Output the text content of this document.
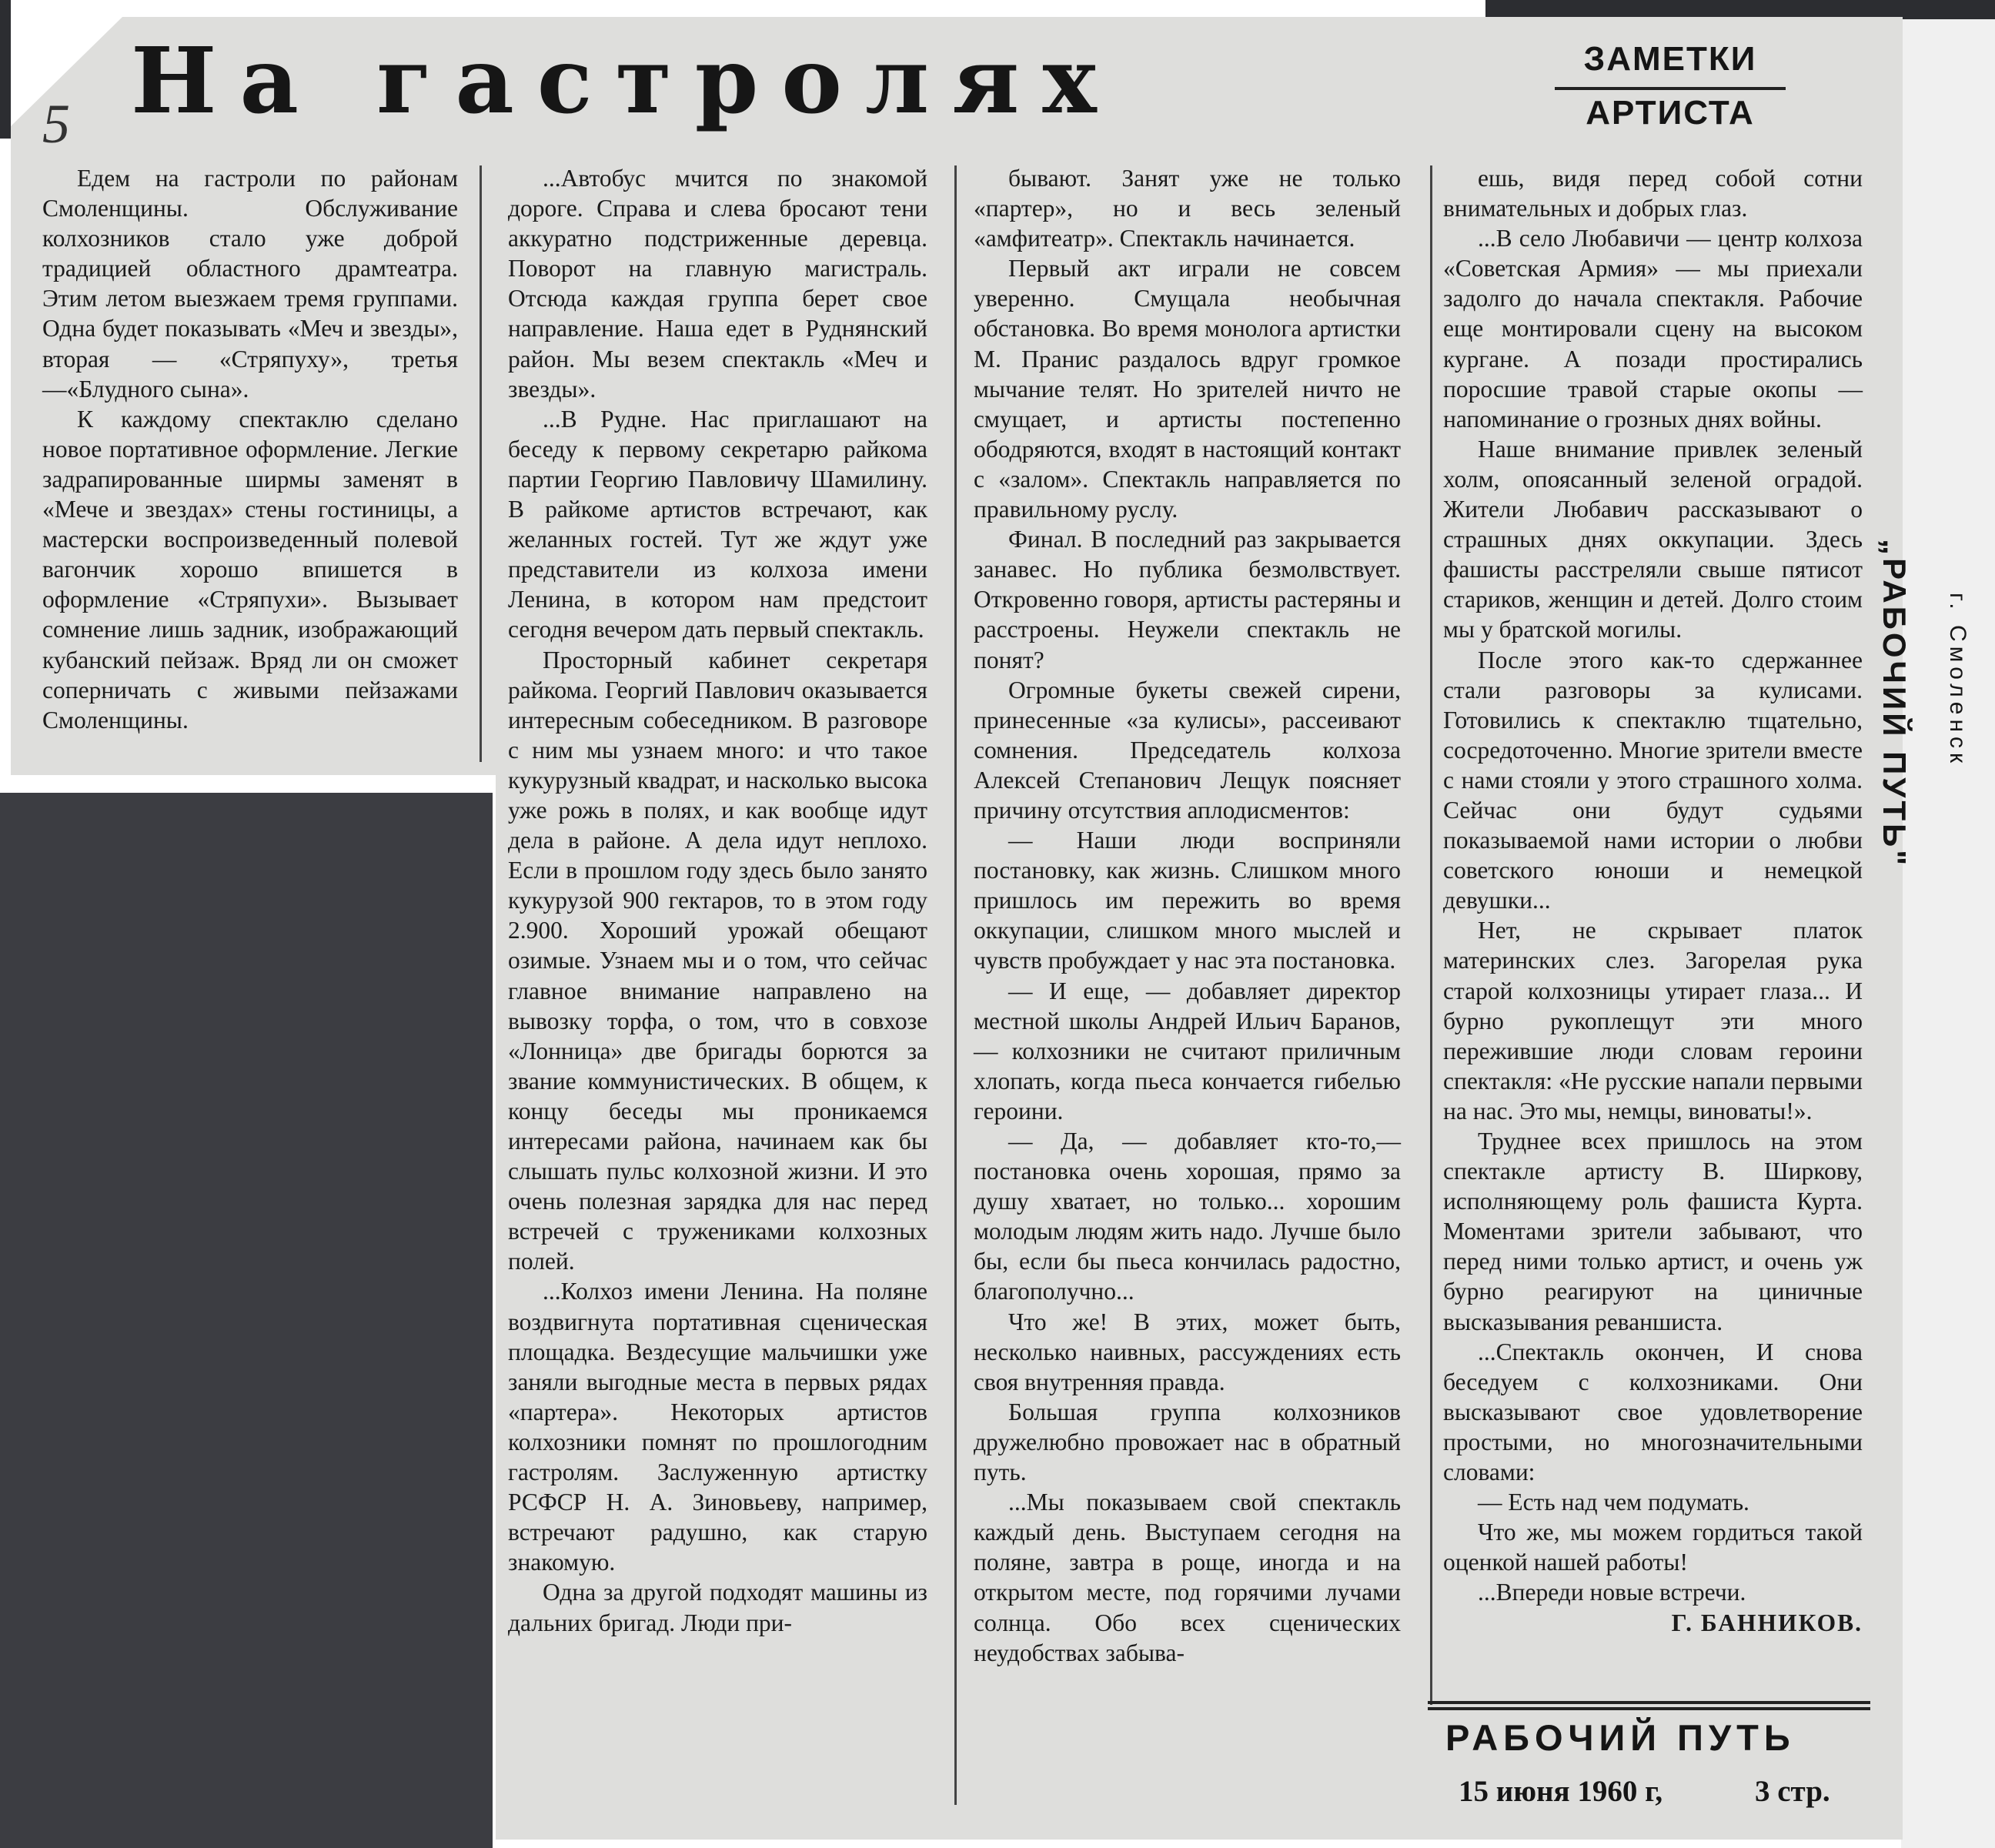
На гастролях	ЗАМЕТКИ
АРТИСТА
5

Едем на гастроли по районам Смоленщины. Обслуживание колхозников стало уже доброй традицией областного драмтеатра. Этим летом выезжаем тремя группами. Одна будет показывать «Меч и звезды», вторая — «Стряпуху», третья—«Блудного сына».

К каждому спектаклю сделано новое портативное оформление. Легкие задрапированные ширмы заменят в «Мече и звездах» стены гостиницы, а мастерски воспроизведенный полевой вагончик хорошо впишется в оформление «Стряпухи». Вызывает сомнение лишь задник, изображающий кубанский пейзаж. Вряд ли он сможет соперничать с живыми пейзажами Смоленщины.

...Автобус мчится по знакомой дороге. Справа и слева бросают тени аккуратно подстриженные деревца. Поворот на главную магистраль. Отсюда каждая группа берет свое направление. Наша едет в Руднянский район. Мы везем спектакль «Меч и звезды».

...В Рудне. Нас приглашают на беседу к первому секретарю райкома партии Георгию Павловичу Шамилину. В райкоме артистов встречают, как желанных гостей. Тут же ждут уже представители из колхоза имени Ленина, в котором нам предстоит сегодня вечером дать первый спектакль.

Просторный кабинет секретаря райкома. Георгий Павлович оказывается интересным собеседником. В разговоре с ним мы узнаем много: и что такое кукурузный квадрат, и насколько высока уже рожь в полях, и как вообще идут дела в районе. А дела идут неплохо. Если в прошлом году здесь было занято кукурузой 900 гектаров, то в этом году 2.900. Хороший урожай обещают озимые. Узнаем мы и о том, что сейчас главное внимание направлено на вывозку торфа, о том, что в совхозе «Лонница» две бригады борются за звание коммунистических. В общем, к концу беседы мы проникаемся интересами района, начинаем как бы слышать пульс колхозной жизни. И это очень полезная зарядка для нас перед встречей с тружениками колхозных полей.

...Колхоз имени Ленина. На поляне воздвигнута портативная сценическая площадка. Вездесущие мальчишки уже заняли выгодные места в первых рядах «партера». Некоторых артистов колхозники помнят по прошлогодним гастролям. Заслуженную артистку РСФСР Н. А. Зиновьеву, например, встречают радушно, как старую знакомую.

Одна за другой подходят машины из дальних бригад. Люди при-

бывают. Занят уже не только «партер», но и весь зеленый «амфитеатр». Спектакль начинается.

Первый акт играли не совсем уверенно. Смущала необычная обстановка. Во время монолога артистки М. Пранис раздалось вдруг громкое мычание телят. Но зрителей ничто не смущает, и артисты постепенно ободряются, входят в настоящий контакт с «залом». Спектакль направляется по правильному руслу.

Финал. В последний раз закрывается занавес. Но публика безмолвствует. Откровенно говоря, артисты растеряны и расстроены. Неужели спектакль не понят?

Огромные букеты свежей сирени, принесенные «за кулисы», рассеивают сомнения. Председатель колхоза Алексей Степанович Лещук поясняет причину отсутствия аплодисментов:

— Наши люди восприняли постановку, как жизнь. Слишком много пришлось им пережить во время оккупации, слишком много мыслей и чувств пробуждает у нас эта постановка.

— И еще, — добавляет директор местной школы Андрей Ильич Баранов, — колхозники не считают приличным хлопать, когда пьеса кончается гибелью героини.

— Да, — добавляет кто-то,— постановка очень хорошая, прямо за душу хватает, но только... хорошим молодым людям жить надо. Лучше было бы, если бы пьеса кончилась радостно, благополучно...

Что же! В этих, может быть, несколько наивных, рассуждениях есть своя внутренняя правда.

Большая группа колхозников дружелюбно провожает нас в обратный путь.

...Мы показываем свой спектакль каждый день. Выступаем сегодня на поляне, завтра в роще, иногда и на открытом месте, под горячими лучами солнца. Обо всех сценических неудобствах забыва-

ешь, видя перед собой сотни внимательных и добрых глаз.

...В село Любавичи — центр колхоза «Советская Армия» — мы приехали задолго до начала спектакля. Рабочие еще монтировали сцену на высоком кургане. А позади простирались поросшие травой старые окопы — напоминание о грозных днях войны.

Наше внимание привлек зеленый холм, опоясанный зеленой оградой. Жители Любавич рассказывают о страшных днях оккупации. Здесь фашисты расстреляли свыше пятисот стариков, женщин и детей. Долго стоим мы у братской могилы.

После этого как-то сдержаннее стали разговоры за кулисами. Готовились к спектаклю тщательно, сосредоточенно. Многие зрители вместе с нами стояли у этого страшного холма. Сейчас они будут судьями показываемой нами истории о любви советского юноши и немецкой девушки...

Нет, не скрывает платок материнских слез. Загорелая рука старой колхозницы утирает глаза... И бурно рукоплещут эти много пережившие люди словам героини спектакля: «Не русские напали первыми на нас. Это мы, немцы, виноваты!».

Труднее всех пришлось на этом спектакле артисту В. Ширкову, исполняющему роль фашиста Курта. Моментами зрители забывают, что перед ними только артист, и очень уж бурно реагируют на циничные высказывания реваншиста.

...Спектакль окончен, И снова беседуем с колхозниками. Они высказывают свое удовлетворение простыми, но многозначительными словами:

— Есть над чем подумать.

Что же, мы можем гордиться такой оценкой нашей работы!

...Впереди новые встречи.

Г. БАННИКОВ.

РАБОЧИЙ ПУТЬ
15 июня 1960 г,	3 стр.
„РАБОЧИЙ ПУТЬ" г. Смоленск
